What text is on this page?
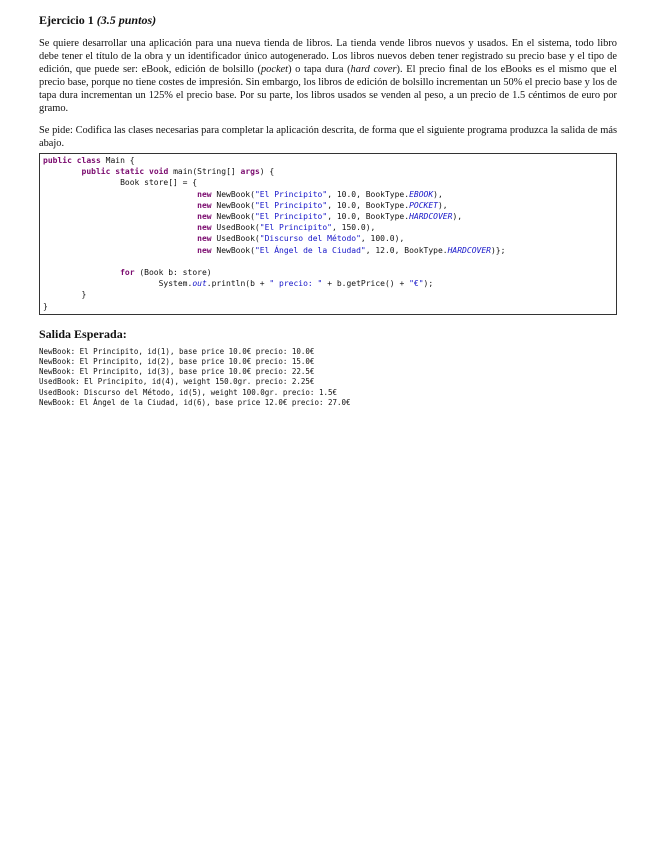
Ejercicio 1 (3.5 puntos)

Se quiere desarrollar una aplicación para una nueva tienda de libros. La tienda vende libros nuevos y usados. En el sistema, todo libro debe tener el título de la obra y un identificador único autogenerado. Los libros nuevos deben tener registrado su precio base y el tipo de edición, que puede ser: eBook, edición de bolsillo (pocket) o tapa dura (hard cover). El precio final de los eBooks es el mismo que el precio base, porque no tiene costes de impresión. Sin embargo, los libros de edición de bolsillo incrementan un 50% el precio base y los de tapa dura incrementan un 125% el precio base. Por su parte, los libros usados se venden al peso, a un precio de 1.5 céntimos de euro por gramo.

Se pide: Codifica las clases necesarias para completar la aplicación descrita, de forma que el siguiente programa produzca la salida de más abajo.

public class Main {
public static void main(String[] args) {
Book store[] = {
new NewBook("El Principito", 10.0, BookType.EBOOK),
new NewBook("El Principito", 10.0, BookType.POCKET),
new NewBook("El Principito", 10.0, BookType.HARDCOVER),
new UsedBook("El Principito", 150.0),
new UsedBook("Discurso del Método", 100.0),
new NewBook("El Ángel de la Ciudad", 12.0, BookType.HARDCOVER)};

for (Book b: store)
System.out.println(b + " precio: " + b.getPrice() + "€");
}
}
Salida Esperada:
NewBook: El Principito, id(1), base price 10.0€ precio: 10.0€
NewBook: El Principito, id(2), base price 10.0€ precio: 15.0€
NewBook: El Principito, id(3), base price 10.0€ precio: 22.5€
UsedBook: El Principito, id(4), weight 150.0gr. precio: 2.25€
UsedBook: Discurso del Método, id(5), weight 100.0gr. precio: 1.5€
NewBook: El Ángel de la Ciudad, id(6), base price 12.0€ precio: 27.0€
